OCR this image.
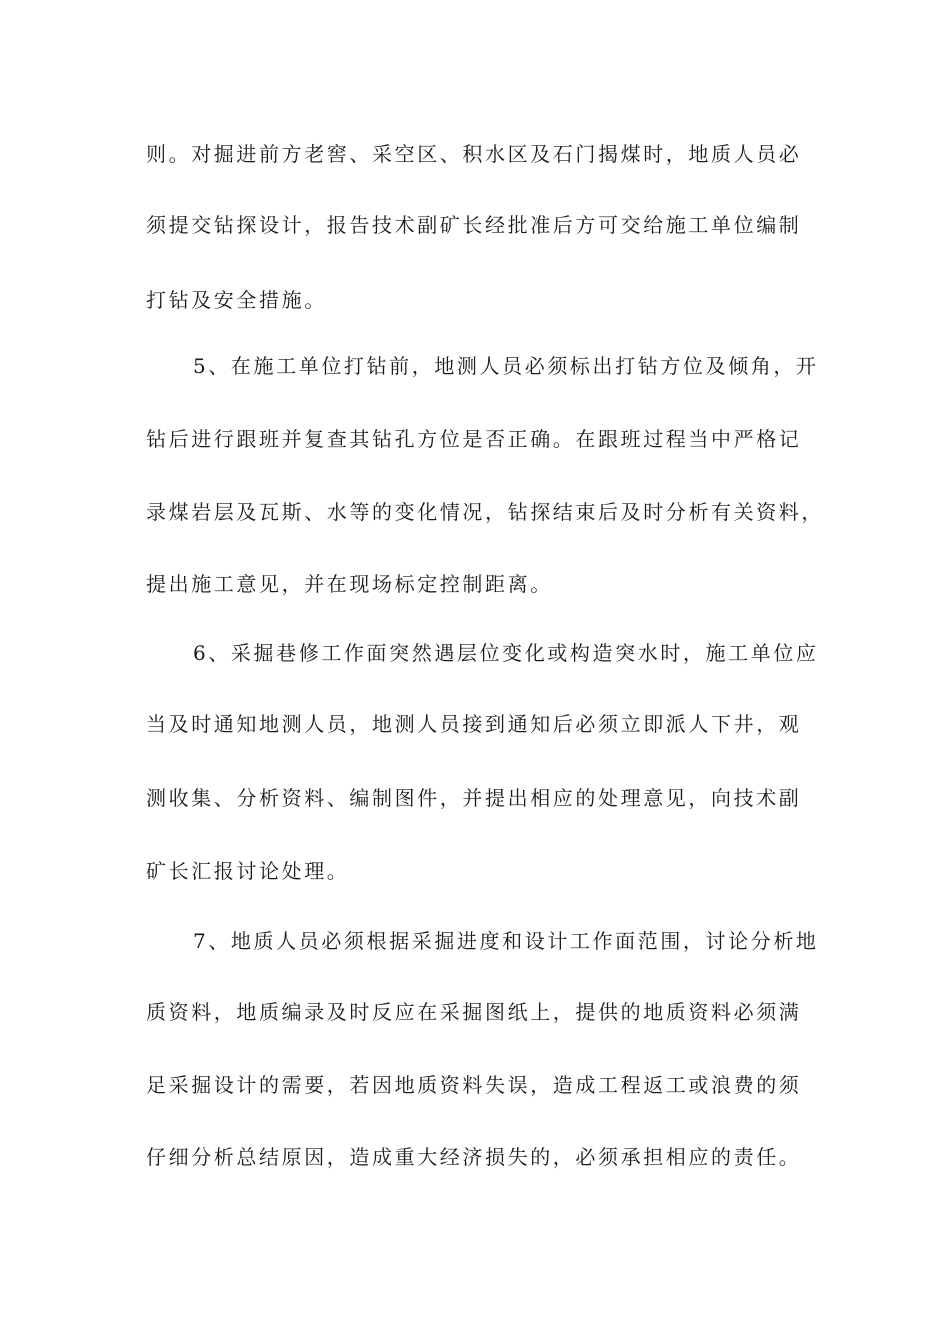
则。对掘进前方老窖、采空区、积水区及石门揭煤时，地质人员必

须提交钻探设计，报告技术副矿长经批准后方可交给施工单位编制

打钻及安全措施。

5、在施工单位打钻前，地测人员必须标出打钻方位及倾角，开

钻后进行跟班并复查其钻孔方位是否正确。在跟班过程当中严格记

录煤岩层及瓦斯、水等的变化情况，钻探结束后及时分析有关资料，

提出施工意见，并在现场标定控制距离。

6、采掘巷修工作面突然遇层位变化或构造突水时，施工单位应

当及时通知地测人员，地测人员接到通知后必须立即派人下井，观

测收集、分析资料、编制图件，并提出相应的处理意见，向技术副

矿长汇报讨论处理。

7、地质人员必须根据采掘进度和设计工作面范围，讨论分析地

质资料，地质编录及时反应在采掘图纸上，提供的地质资料必须满

足采掘设计的需要，若因地质资料失误，造成工程返工或浪费的须

仔细分析总结原因，造成重大经济损失的，必须承担相应的责任。
